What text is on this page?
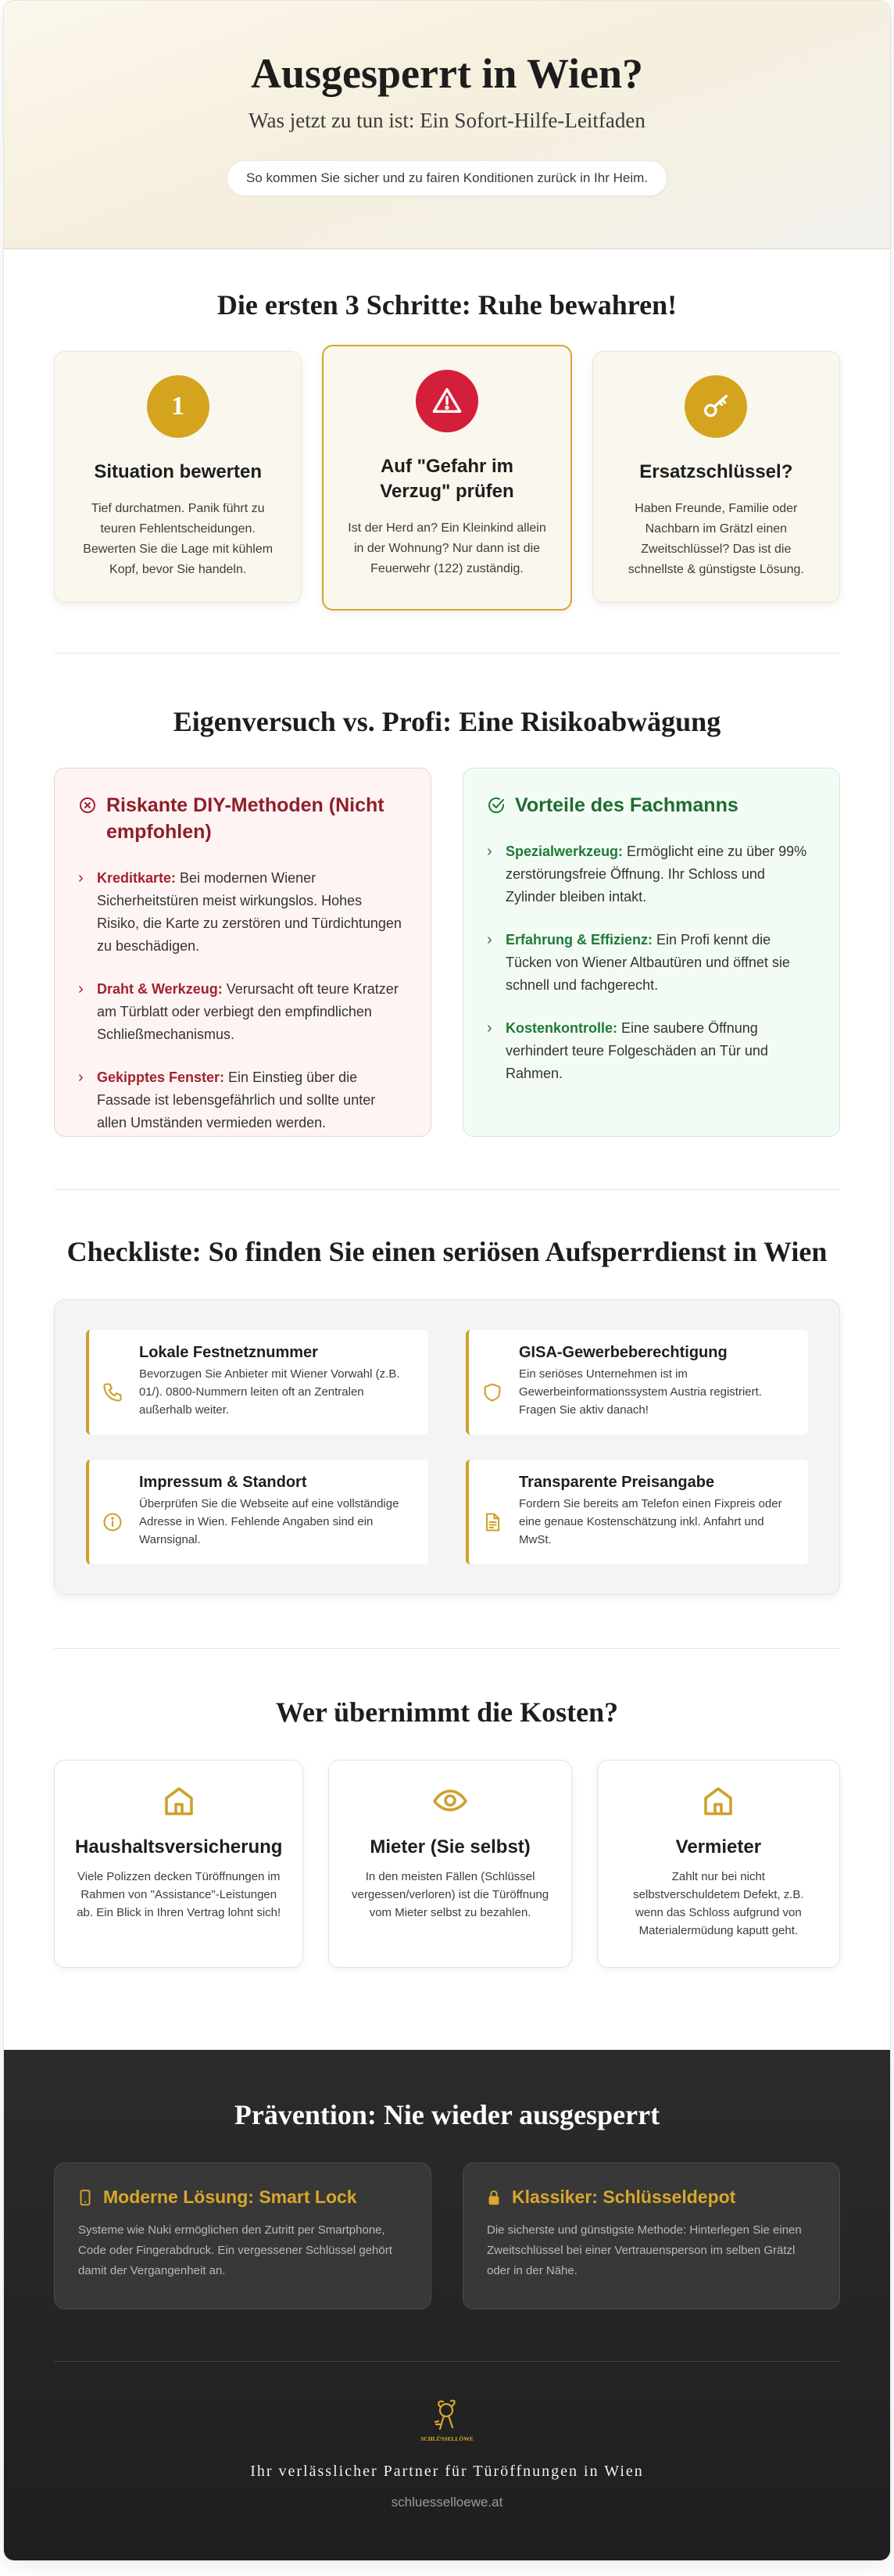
Ausgesperrt in Wien?
Was jetzt zu tun ist: Ein Sofort-Hilfe-Leitfaden
So kommen Sie sicher und zu fairen Konditionen zurück in Ihr Heim.
Die ersten 3 Schritte: Ruhe bewahren!
1
Situation bewerten

Tief durchatmen. Panik führt zu teuren Fehlentscheidungen. Bewerten Sie die Lage mit kühlem Kopf, bevor Sie handeln.

Auf "Gefahr im Verzug" prüfen

Ist der Herd an? Ein Kleinkind allein in der Wohnung? Nur dann ist die Feuerwehr (122) zuständig.

Ersatzschlüssel?

Haben Freunde, Familie oder Nachbarn im Grätzl einen Zweitschlüssel? Das ist die schnellste & günstigste Lösung.

Eigenversuch vs. Profi: Eine Risikoabwägung
Riskante DIY-Methoden (Nicht empfohlen)
› Kreditkarte: Bei modernen Wiener Sicherheitstüren meist wirkungslos. Hohes Risiko, die Karte zu zerstören und Türdichtungen zu beschädigen.
› Draht & Werkzeug: Verursacht oft teure Kratzer am Türblatt oder verbiegt den empfindlichen Schließmechanismus.
› Gekipptes Fenster: Ein Einstieg über die Fassade ist lebensgefährlich und sollte unter allen Umständen vermieden werden.
Vorteile des Fachmanns
› Spezialwerkzeug: Ermöglicht eine zu über 99% zerstörungsfreie Öffnung. Ihr Schloss und Zylinder bleiben intakt.
› Erfahrung & Effizienz: Ein Profi kennt die Tücken von Wiener Altbautüren und öffnet sie schnell und fachgerecht.
› Kostenkontrolle: Eine saubere Öffnung verhindert teure Folgeschäden an Tür und Rahmen.
Checkliste: So finden Sie einen seriösen Aufsperrdienst in Wien
Lokale Festnetznummer

Bevorzugen Sie Anbieter mit Wiener Vorwahl (z.B. 01/). 0800-Nummern leiten oft an Zentralen außerhalb weiter.

GISA-Gewerbeberechtigung

Ein seriöses Unternehmen ist im Gewerbeinformationssystem Austria registriert. Fragen Sie aktiv danach!

Impressum & Standort

Überprüfen Sie die Webseite auf eine vollständige Adresse in Wien. Fehlende Angaben sind ein Warnsignal.

Transparente Preisangabe

Fordern Sie bereits am Telefon einen Fixpreis oder eine genaue Kostenschätzung inkl. Anfahrt und MwSt.

Wer übernimmt die Kosten?
Haushaltsversicherung

Viele Polizzen decken Türöffnungen im Rahmen von "Assistance"-Leistungen ab. Ein Blick in Ihren Vertrag lohnt sich!

Mieter (Sie selbst)

In den meisten Fällen (Schlüssel vergessen/verloren) ist die Türöffnung vom Mieter selbst zu bezahlen.

Vermieter

Zahlt nur bei nicht selbstverschuldetem Defekt, z.B. wenn das Schloss aufgrund von Materialermüdung kaputt geht.

Prävention: Nie wieder ausgesperrt
Moderne Lösung: Smart Lock

Systeme wie Nuki ermöglichen den Zutritt per Smartphone, Code oder Fingerabdruck. Ein vergessener Schlüssel gehört damit der Vergangenheit an.

Klassiker: Schlüsseldepot

Die sicherste und günstigste Methode: Hinterlegen Sie einen Zweitschlüssel bei einer Vertrauensperson im selben Grätzl oder in der Nähe.

SCHLÜSSELLÖWE
Ihr verlässlicher Partner für Türöffnungen in Wien
schluesselloewe.at
